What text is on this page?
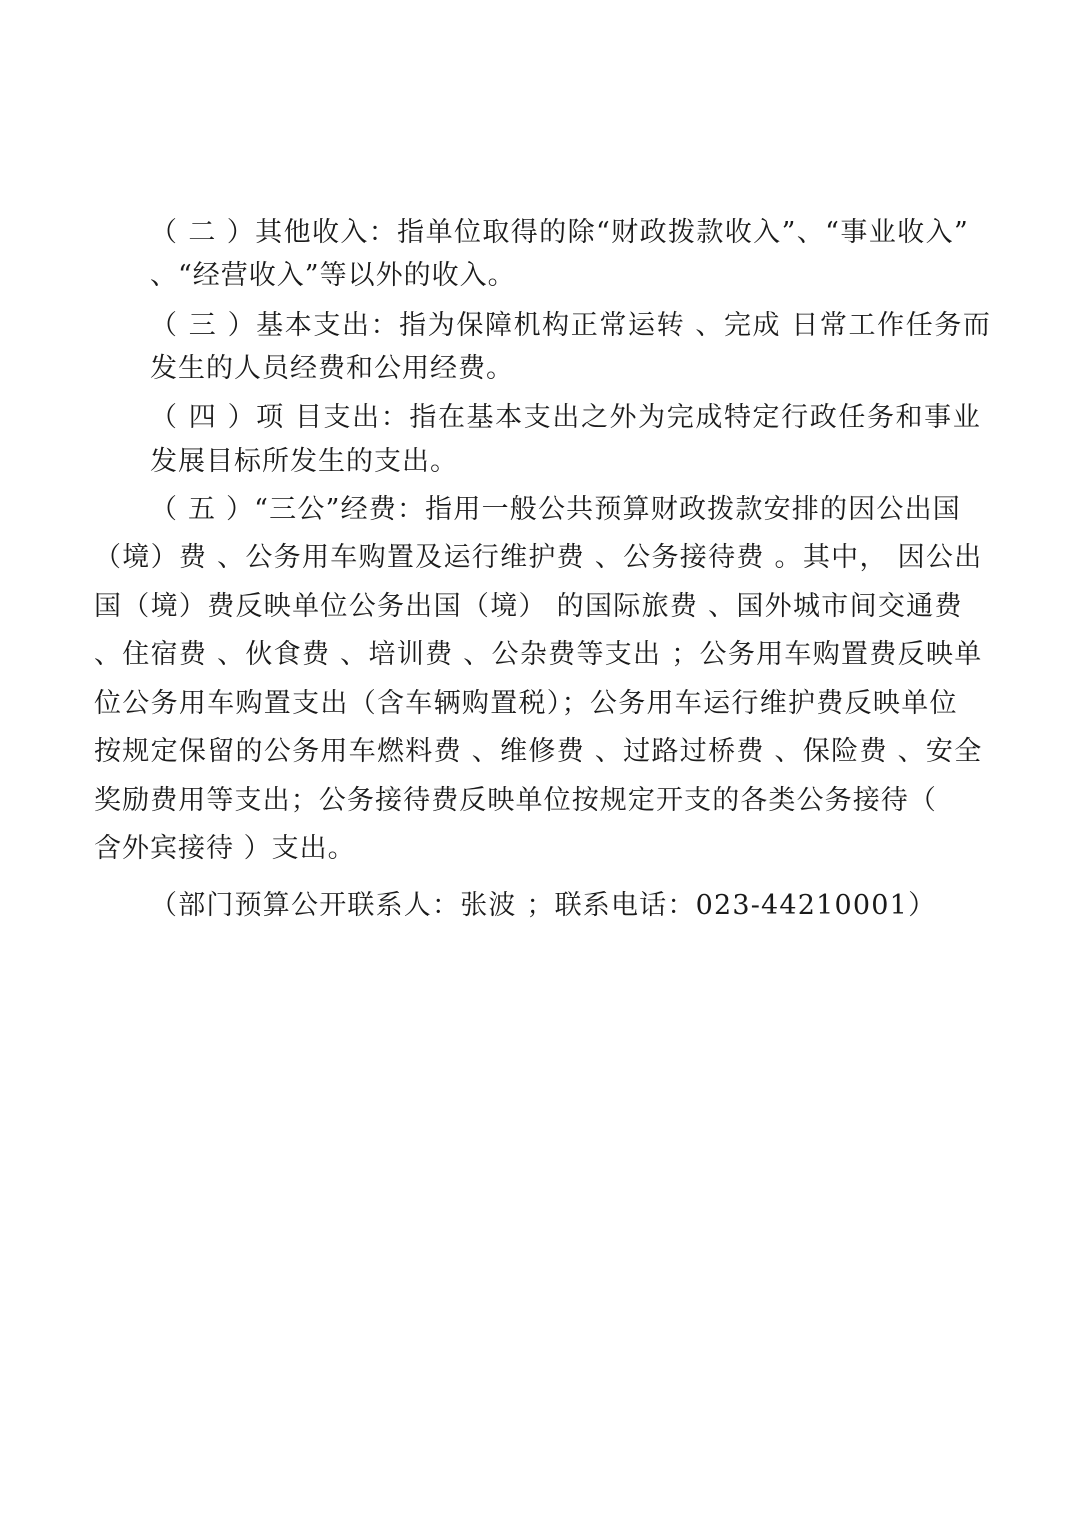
（ 二 ）其他收入：指单位取得的除“财政拨款收入”、“事业收入”

、“经营收入”等以外的收入。

（ 三 ）基本支出：指为保障机构正常运转 、完成 日常工作任务而

发生的人员经费和公用经费。

（ 四 ）项 目支出：指在基本支出之外为完成特定行政任务和事业

发展目标所发生的支出。

（ 五 ）“三公”经费：指用一般公共预算财政拨款安排的因公出国

（境）费 、公务用车购置及运行维护费 、公务接待费 。其中， 因公出

国（境）费反映单位公务出国（境） 的国际旅费 、国外城市间交通费

、住宿费 、伙食费 、培训费 、公杂费等支出 ；公务用车购置费反映单

位公务用车购置支出（含车辆购置税）；公务用车运行维护费反映单位

按规定保留的公务用车燃料费 、维修费 、过路过桥费 、保险费 、安全

奖励费用等支出；公务接待费反映单位按规定开支的各类公务接待（

含外宾接待 ）支出。

（部门预算公开联系人：张波 ；联系电话：023-44210001）
